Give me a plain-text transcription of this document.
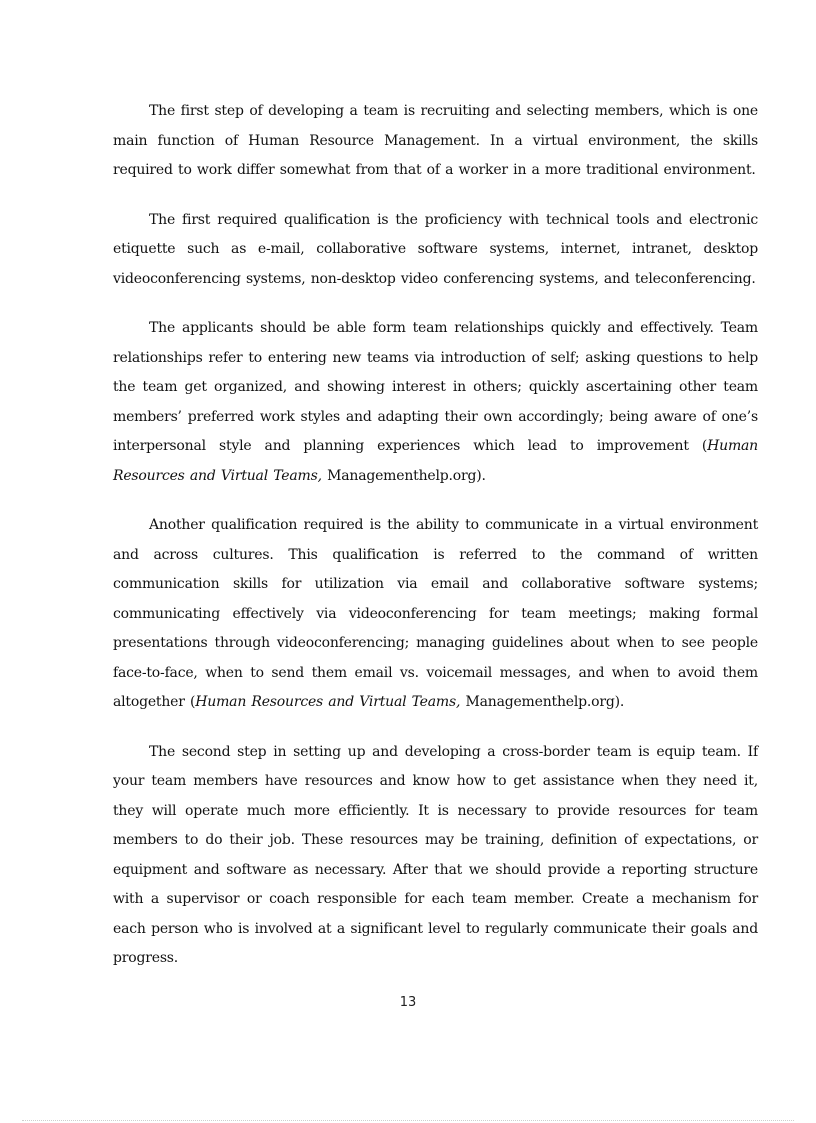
The first step of developing a team is recruiting and selecting members, which is one main function of Human Resource Management. In a virtual environment, the skills required to work differ somewhat from that of a worker in a more traditional environment.

The first required qualification is the proficiency with technical tools and electronic etiquette such as e-mail, collaborative software systems, internet, intranet, desktop videoconferencing systems, non-desktop video conferencing systems, and teleconferencing.

The applicants should be able form team relationships quickly and effectively. Team relationships refer to entering new teams via introduction of self; asking questions to help the team get organized, and showing interest in others; quickly ascertaining other team members’ preferred work styles and adapting their own accordingly; being aware of one’s interpersonal style and planning experiences which lead to improvement (Human Resources and Virtual Teams, Managementhelp.org).

Another qualification required is the ability to communicate in a virtual environment and across cultures. This qualification is referred to the command of written communication skills for utilization via email and collaborative software systems; communicating effectively via videoconferencing for team meetings; making formal presentations through videoconferencing; managing guidelines about when to see people face-to-face, when to send them email vs. voicemail messages, and when to avoid them altogether (Human Resources and Virtual Teams, Managementhelp.org).

The second step in setting up and developing a cross-border team is equip team. If your team members have resources and know how to get assistance when they need it, they will operate much more efficiently. It is necessary to provide resources for team members to do their job. These resources may be training, definition of expectations, or equipment and software as necessary. After that we should provide a reporting structure with a supervisor or coach responsible for each team member. Create a mechanism for each person who is involved at a significant level to regularly communicate their goals and progress.

13
